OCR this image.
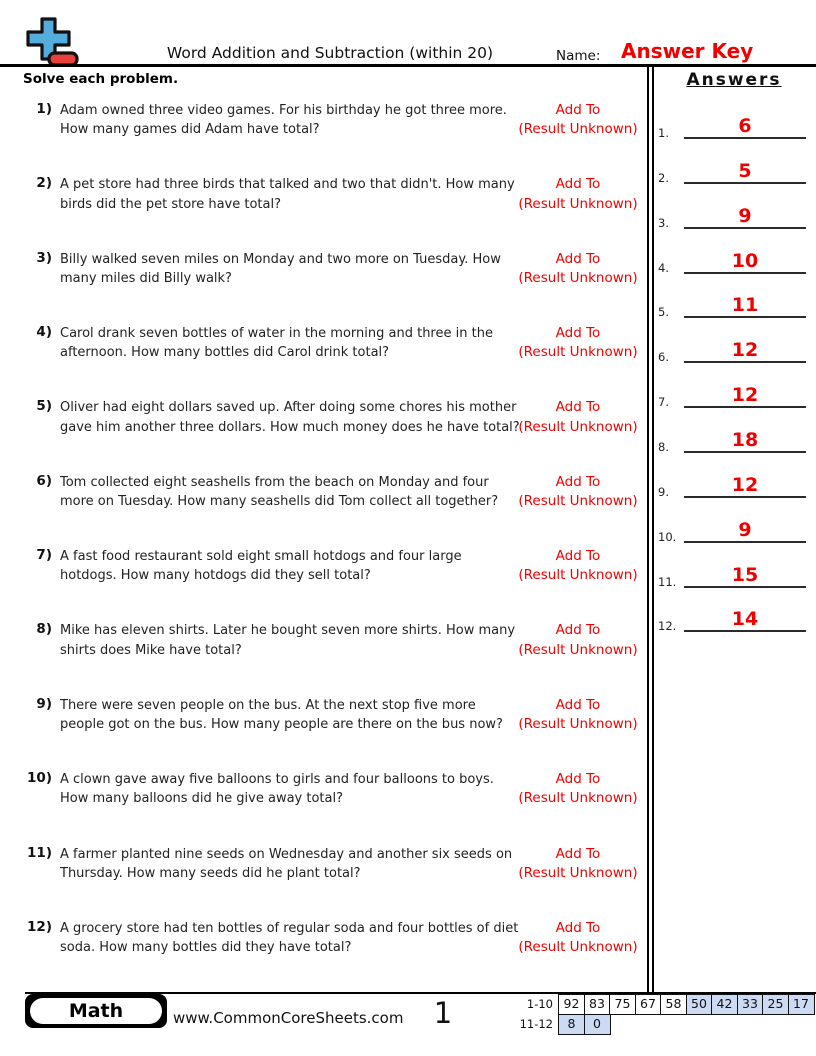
Word Addition and Subtraction (within 20)	Name: Answer Key
Solve each problem.
1) Adam owned three video games. For his birthday he got three more. How many games did Adam have total?
Add To
(Result Unknown)
2) A pet store had three birds that talked and two that didn't. How many birds did the pet store have total?
Add To
(Result Unknown)
3) Billy walked seven miles on Monday and two more on Tuesday. How many miles did Billy walk?
Add To
(Result Unknown)
4) Carol drank seven bottles of water in the morning and three in the afternoon. How many bottles did Carol drink total?
Add To
(Result Unknown)
5) Oliver had eight dollars saved up. After doing some chores his mother gave him another three dollars. How much money does he have total?
Add To
(Result Unknown)
6) Tom collected eight seashells from the beach on Monday and four more on Tuesday. How many seashells did Tom collect all together?
Add To
(Result Unknown)
7) A fast food restaurant sold eight small hotdogs and four large hotdogs. How many hotdogs did they sell total?
Add To
(Result Unknown)
8) Mike has eleven shirts. Later he bought seven more shirts. How many shirts does Mike have total?
Add To
(Result Unknown)
9) There were seven people on the bus. At the next stop five more people got on the bus. How many people are there on the bus now?
Add To
(Result Unknown)
10) A clown gave away five balloons to girls and four balloons to boys. How many balloons did he give away total?
Add To
(Result Unknown)
11) A farmer planted nine seeds on Wednesday and another six seeds on Thursday. How many seeds did he plant total?
Add To
(Result Unknown)
12) A grocery store had ten bottles of regular soda and four bottles of diet soda. How many bottles did they have total?
Add To
(Result Unknown)
Answers
1.	6
2.	5
3.	9
4.	10
5.	11
6.	12
7.	12
8.	18
9.	12
10.	9
11.	15
12.	14
Math	www.CommonCoreSheets.com	1	1-10 92 83 75 67 58 50 42 33 25 17
11-12	8	0
